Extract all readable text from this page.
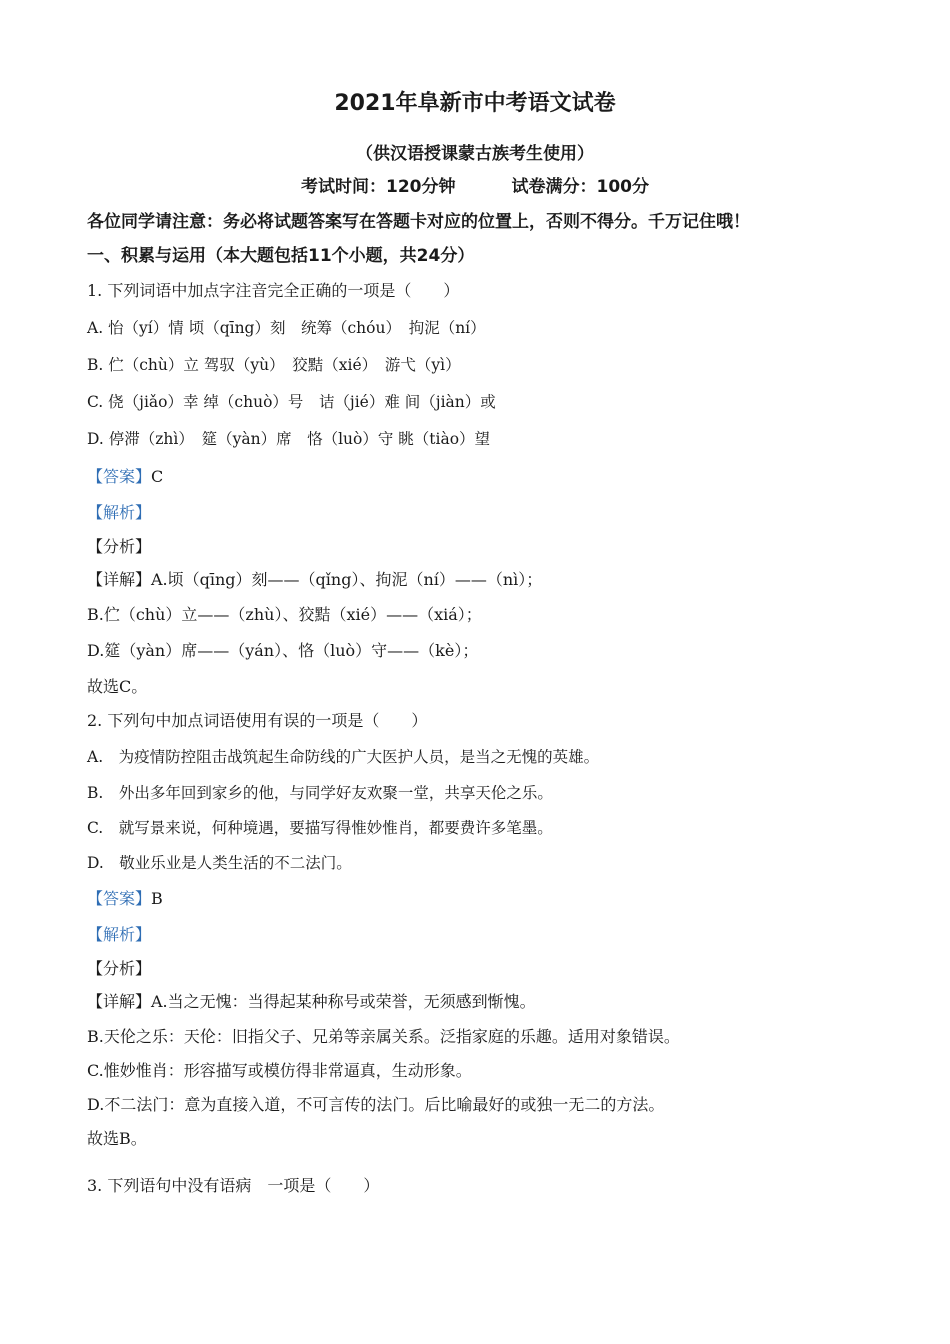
2021年阜新市中考语文试卷
（供汉语授课蒙古族考生使用）
考试时间：120分钟	试卷满分：100分
各位同学请注意：务必将试题答案写在答题卡对应的位置上，否则不得分。千万记住哦！
一、积累与运用（本大题包括11个小题，共24分）
1. 下列词语中加点字注音完全正确的一项是（　　）
A. 怡（yí）情 顷（qīng）刻　统筹（chóu）　拘泥（ní）
B. 伫（chù）立 驾驭（yù）　狡黠（xié）　游弋（yì）
C. 侥（jiǎo）幸 绰（chuò）号　诘（jié）难 间（jiàn）或
D. 停滞（zhì）　筵（yàn）席　恪（luò）守 眺（tiào）望
【答案】C
【解析】
【分析】
【详解】A.顷（qīng）刻——（qǐng）、拘泥（ní）——（nì）；
B.伫（chù）立——（zhù）、狡黠（xié）——（xiá）；
D.筵（yàn）席——（yán）、恪（luò）守——（kè）；
故选C。
2. 下列句中加点词语使用有误的一项是（　　）
A.　为疫情防控阻击战筑起生命防线的广大医护人员，是当之无愧的英雄。
B.　外出多年回到家乡的他，与同学好友欢聚一堂，共享天伦之乐。
C.　就写景来说，何种境遇，要描写得惟妙惟肖，都要费许多笔墨。
D.　敬业乐业是人类生活的不二法门。
【答案】B
【解析】
【分析】
【详解】A.当之无愧：当得起某种称号或荣誉，无须感到惭愧。
B.天伦之乐：天伦：旧指父子、兄弟等亲属关系。泛指家庭的乐趣。适用对象错误。
C.惟妙惟肖：形容描写或模仿得非常逼真，生动形象。
D.不二法门：意为直接入道，不可言传的法门。后比喻最好的或独一无二的方法。
故选B。
3. 下列语句中没有语病　一项是（　　）
